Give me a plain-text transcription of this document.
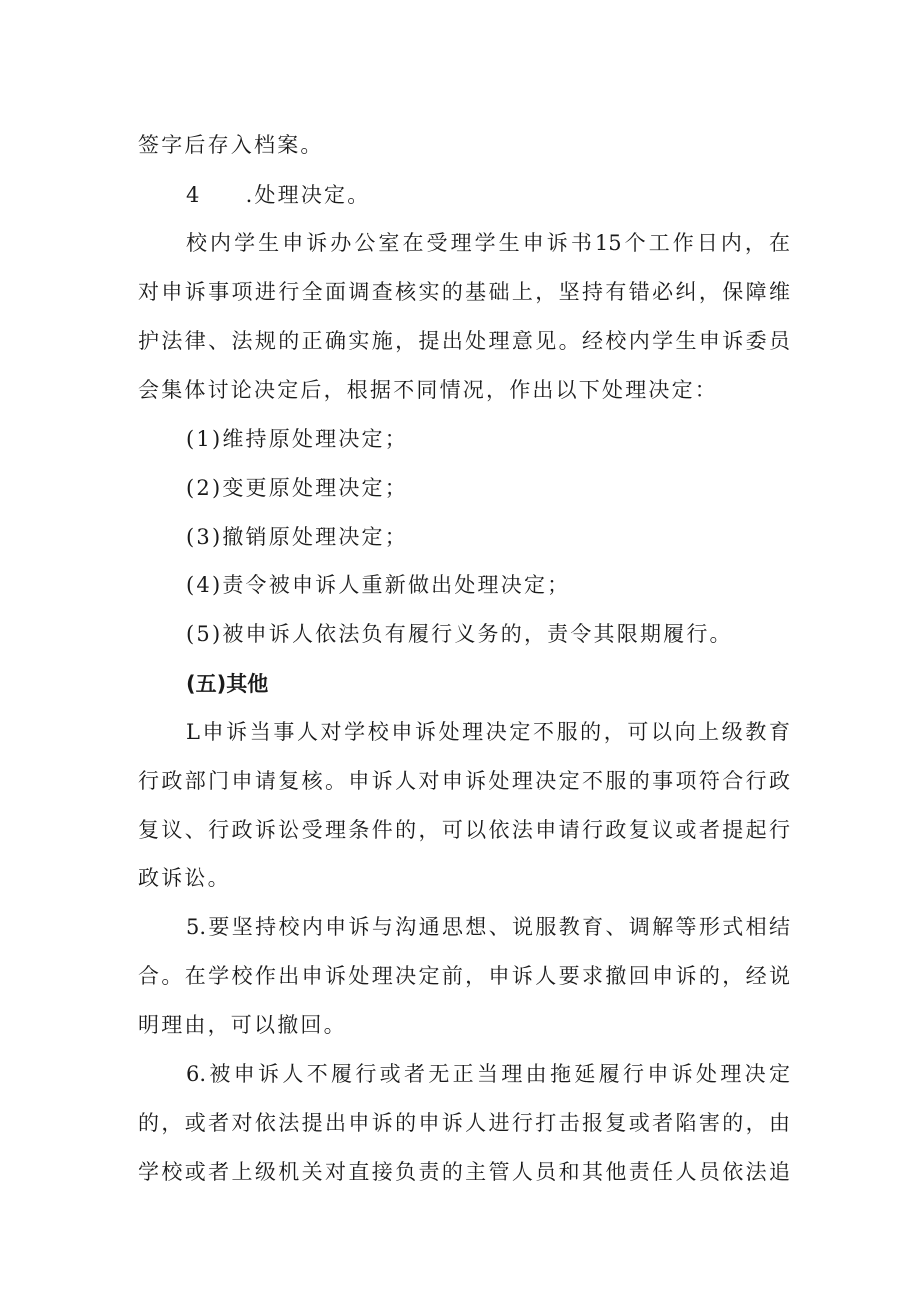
签字后存入档案。
4 .处理决定。
校内学生申诉办公室在受理学生申诉书15个工作日内，在
对申诉事项进行全面调查核实的基础上，坚持有错必纠，保障维
护法律、法规的正确实施，提出处理意见。经校内学生申诉委员
会集体讨论决定后，根据不同情况，作出以下处理决定：
(1)维持原处理决定；
(2)变更原处理决定；
(3)撤销原处理决定；
(4)责令被申诉人重新做出处理决定；
(5)被申诉人依法负有履行义务的，责令其限期履行。
(五)其他
L申诉当事人对学校申诉处理决定不服的，可以向上级教育
行政部门申请复核。申诉人对申诉处理决定不服的事项符合行政
复议、行政诉讼受理条件的，可以依法申请行政复议或者提起行
政诉讼。
5.要坚持校内申诉与沟通思想、说服教育、调解等形式相结
合。在学校作出申诉处理决定前，申诉人要求撤回申诉的，经说
明理由，可以撤回。
6.被申诉人不履行或者无正当理由拖延履行申诉处理决定
的，或者对依法提出申诉的申诉人进行打击报复或者陷害的，由
学校或者上级机关对直接负责的主管人员和其他责任人员依法追
